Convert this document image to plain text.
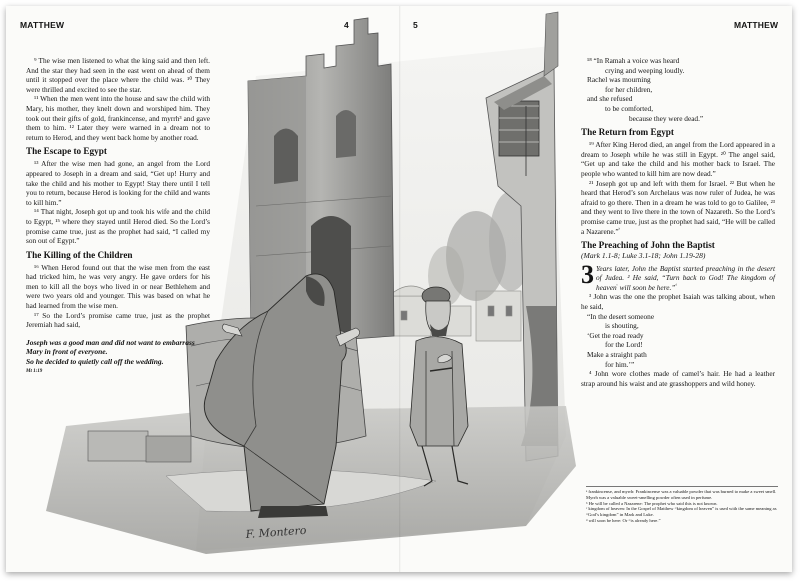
F. Montero
MATTHEW	4	5	MATTHEW

⁹ The wise men listened to what the king said and then left. And the star they had seen in the east went on ahead of them until it stopped over the place where the child was. ¹⁰ They were thrilled and excited to see the star.

¹¹ When the men went into the house and saw the child with Mary, his mother, they knelt down and worshiped him. They took out their gifts of gold, frankincense, and myrrh³ and gave them to him. ¹² Later they were warned in a dream not to return to Herod, and they went back home by another road.

The Escape to Egypt

¹³ After the wise men had gone, an angel from the Lord appeared to Joseph in a dream and said, “Get up! Hurry and take the child and his mother to Egypt! Stay there until I tell you to return, because Herod is looking for the child and wants to kill him.”

¹⁴ That night, Joseph got up and took his wife and the child to Egypt, ¹⁵ where they stayed until Herod died. So the Lord’s promise came true, just as the prophet had said, “I called my son out of Egypt.”

The Killing of the Children

¹⁶ When Herod found out that the wise men from the east had tricked him, he was very angry. He gave orders for his men to kill all the boys who lived in or near Bethlehem and were two years old and younger. This was based on what he had learned from the wise men.

¹⁷ So the Lord’s promise came true, just as the prophet Jeremiah had said,

Joseph was a good man and did not want to embarrass Mary in front of everyone.
So he decided to quietly call off the wedding.
Mt 1:19

¹⁸ “In Ramah a voice was heard

crying and weeping loudly.

Rachel was mourning

for her children,

and she refused

to be comforted,

because they were dead.”

The Return from Egypt

¹⁹ After King Herod died, an angel from the Lord appeared in a dream to Joseph while he was still in Egypt. ²⁰ The angel said, “Get up and take the child and his mother back to Israel. The people who wanted to kill him are now dead.”

²¹ Joseph got up and left with them for Israel. ²² But when he heard that Herod’s son Archelaus was now ruler of Judea, he was afraid to go there. Then in a dream he was told to go to Galilee, ²³ and they went to live there in the town of Nazareth. So the Lord’s promise came true, just as the prophet had said, “He will be called a Nazarene.”$^ᵇ$

The Preaching of John the Baptist
(Mark 1.1-8; Luke 3.1-18; John 1.19-28)

3 Years later, John the Baptist started preaching in the desert of Judea. ² He said, “Turn back to God! The kingdom of heaven$^ᶜ$ will soon be here.”$^ᵈ$

³ John was the one the prophet Isaiah was talking about, when he said,

“In the desert someone

is shouting,

‘Get the road ready

for the Lord!

Make a straight path

for him.’”

⁴ John wore clothes made of camel’s hair. He had a leather strap around his waist and ate grasshoppers and wild honey.

ᵃ frankincense, and myrrh: Frankincense was a valuable powder that was burned to make a sweet smell. Myrrh was a valuable sweet-smelling powder often used in perfume.

ᵇ He will be called a Nazarene: The prophet who said this is not known.

ᶜ kingdom of heaven: In the Gospel of Matthew “kingdom of heaven” is used with the same meaning as “God’s kingdom” in Mark and Luke.

ᵈ will soon be here: Or “is already here.”
